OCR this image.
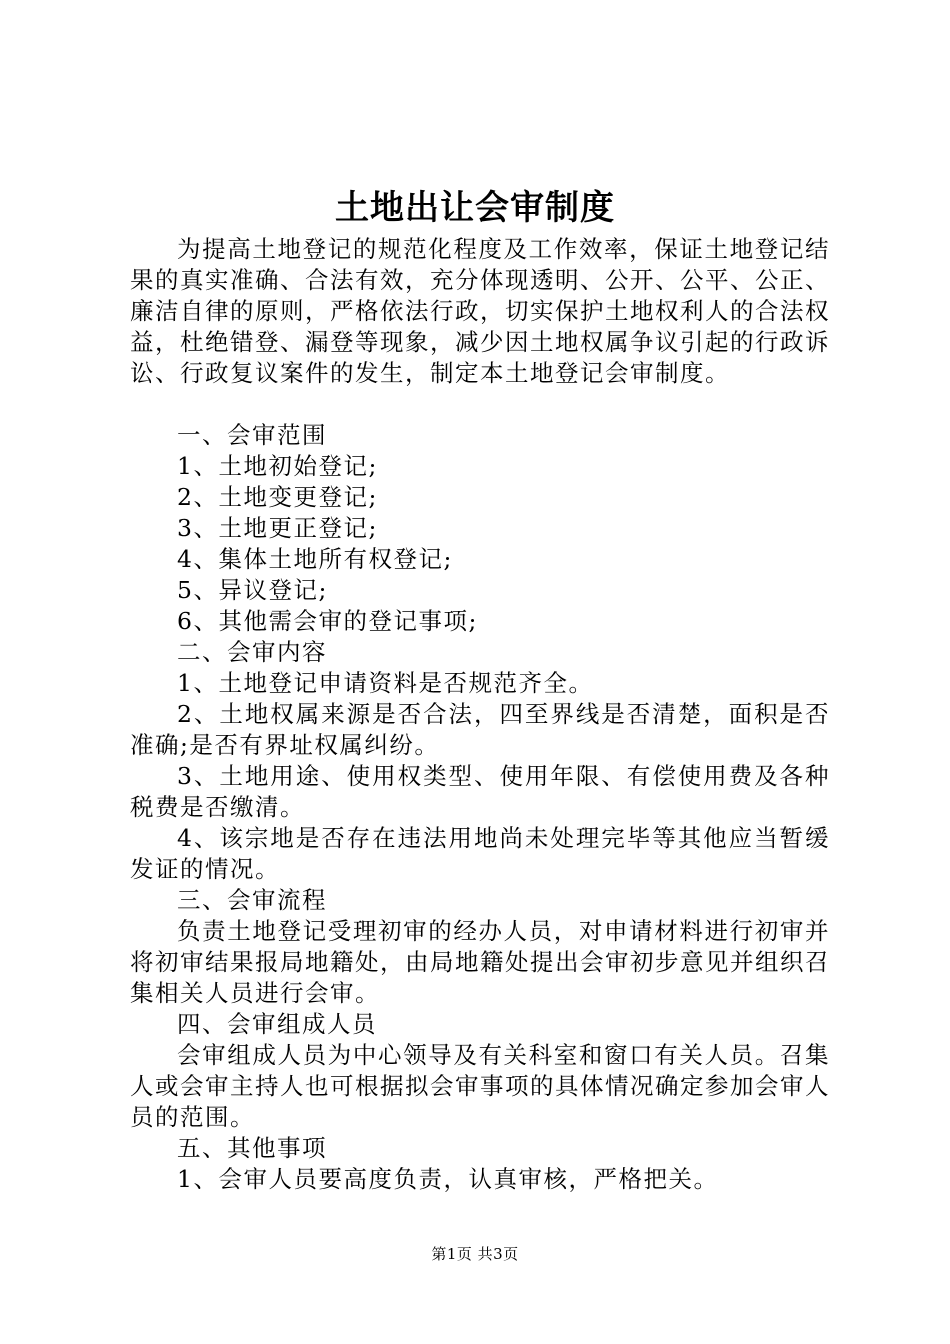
土地出让会审制度

为提高土地登记的规范化程度及工作效率，保证土地登记结果的真实准确、合法有效，充分体现透明、公开、公平、公正、廉洁自律的原则，严格依法行政，切实保护土地权利人的合法权益，杜绝错登、漏登等现象，减少因土地权属争议引起的行政诉讼、行政复议案件的发生，制定本土地登记会审制度。

一、会审范围

1、土地初始登记;

2、土地变更登记;

3、土地更正登记;

4、集体土地所有权登记;

5、异议登记;

6、其他需会审的登记事项;

二、会审内容

1、土地登记申请资料是否规范齐全。

2、土地权属来源是否合法，四至界线是否清楚，面积是否准确;是否有界址权属纠纷。

3、土地用途、使用权类型、使用年限、有偿使用费及各种税费是否缴清。

4、该宗地是否存在违法用地尚未处理完毕等其他应当暂缓发证的情况。

三、会审流程

负责土地登记受理初审的经办人员，对申请材料进行初审并将初审结果报局地籍处，由局地籍处提出会审初步意见并组织召集相关人员进行会审。

四、会审组成人员

会审组成人员为中心领导及有关科室和窗口有关人员。召集人或会审主持人也可根据拟会审事项的具体情况确定参加会审人员的范围。

五、其他事项

1、会审人员要高度负责，认真审核，严格把关。

第1页 共3页
